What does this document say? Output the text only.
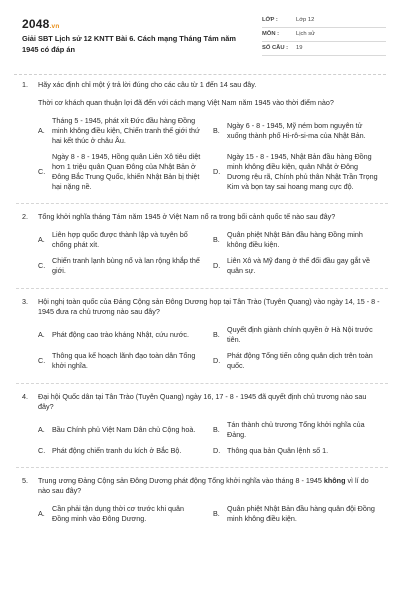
2048.vn
Giải SBT Lịch sử 12 KNTT Bài 6. Cách mạng Tháng Tám năm 1945 có đáp án
LỚP :	Lớp 12
MÔN :	Lịch sử
SỐ CÂU :	19
1. Hãy xác định chỉ một ý trả lời đúng cho các câu từ 1 đến 14 sau đây.
Thời cơ khách quan thuận lợi đã đến với cách mạng Việt Nam năm 1945 vào thời điểm nào?
A.
Tháng 5 - 1945, phát xít Đức đầu hàng Đồng minh không điều kiện, Chiến tranh thế giới thứ hai kết thúc ở châu Âu.
B.
Ngày 6 - 8 - 1945, Mỹ ném bom nguyên tử xuống thành phố Hi-rô-si-ma của Nhật Bản.
C.
Ngày 8 - 8 - 1945, Hồng quân Liên Xô tiêu diệt hơn 1 triệu quân Quan Đông của Nhật Bản ở Đông Bắc Trung Quốc, khiến Nhật Bản bị thiệt hại nặng nề.
D.
Ngày 15 - 8 - 1945, Nhật Bản đầu hàng Đồng minh không điều kiện, quân Nhật ở Đông Dương rệu rã, Chính phủ thân Nhật Trần Trọng Kim và bọn tay sai hoang mang cực độ.
2. Tổng khởi nghĩa tháng Tám năm 1945 ở Việt Nam nổ ra trong bối cảnh quốc tế nào sau đây?
A.
Liên hợp quốc được thành lập và tuyên bố chống phát xít.
B.
Quân phiệt Nhật Bản đầu hàng Đồng minh không điều kiện.
C.
Chiến tranh lạnh bùng nổ và lan rộng khắp thế giới.
D.
Liên Xô và Mỹ đang ở thế đối đầu gay gắt về quân sự.
3. Hội nghị toàn quốc của Đảng Cộng sản Đông Dương họp tại Tân Trào (Tuyên Quang) vào ngày 14, 15 - 8 - 1945 đưa ra chủ trương nào sau đây?
A.	Phát động cao trào kháng Nhật, cứu nước.	B.
Quyết định giành chính quyền ở Hà Nội trước tiên.
C.
Thông qua kế hoạch lãnh đạo toàn dân Tổng khởi nghĩa.
D.
Phát động Tổng tiến công quân dịch trên toàn quốc.
4. Đại hội Quốc dân tại Tân Trào (Tuyên Quang) ngày 16, 17 - 8 - 1945 đã quyết định chủ trương nào sau đây?
A.	Bầu Chính phủ Việt Nam Dân chủ Cộng hoà.	B.
Tán thành chủ trương Tổng khởi nghĩa của Đảng.
C. Phát động chiến tranh du kích ở Bắc Bộ.	D. Thông qua bản Quân lệnh số 1.
5. Trung ương Đảng Cộng sản Đông Dương phát động Tổng khởi nghĩa vào tháng 8 - 1945 không vì lí do nào sau đây?
A.
Cần phải tận dụng thời cơ trước khi quân Đồng minh vào Đông Dương.
B.
Quân phiệt Nhật Bản đầu hàng quân đội Đồng minh không điều kiện.
